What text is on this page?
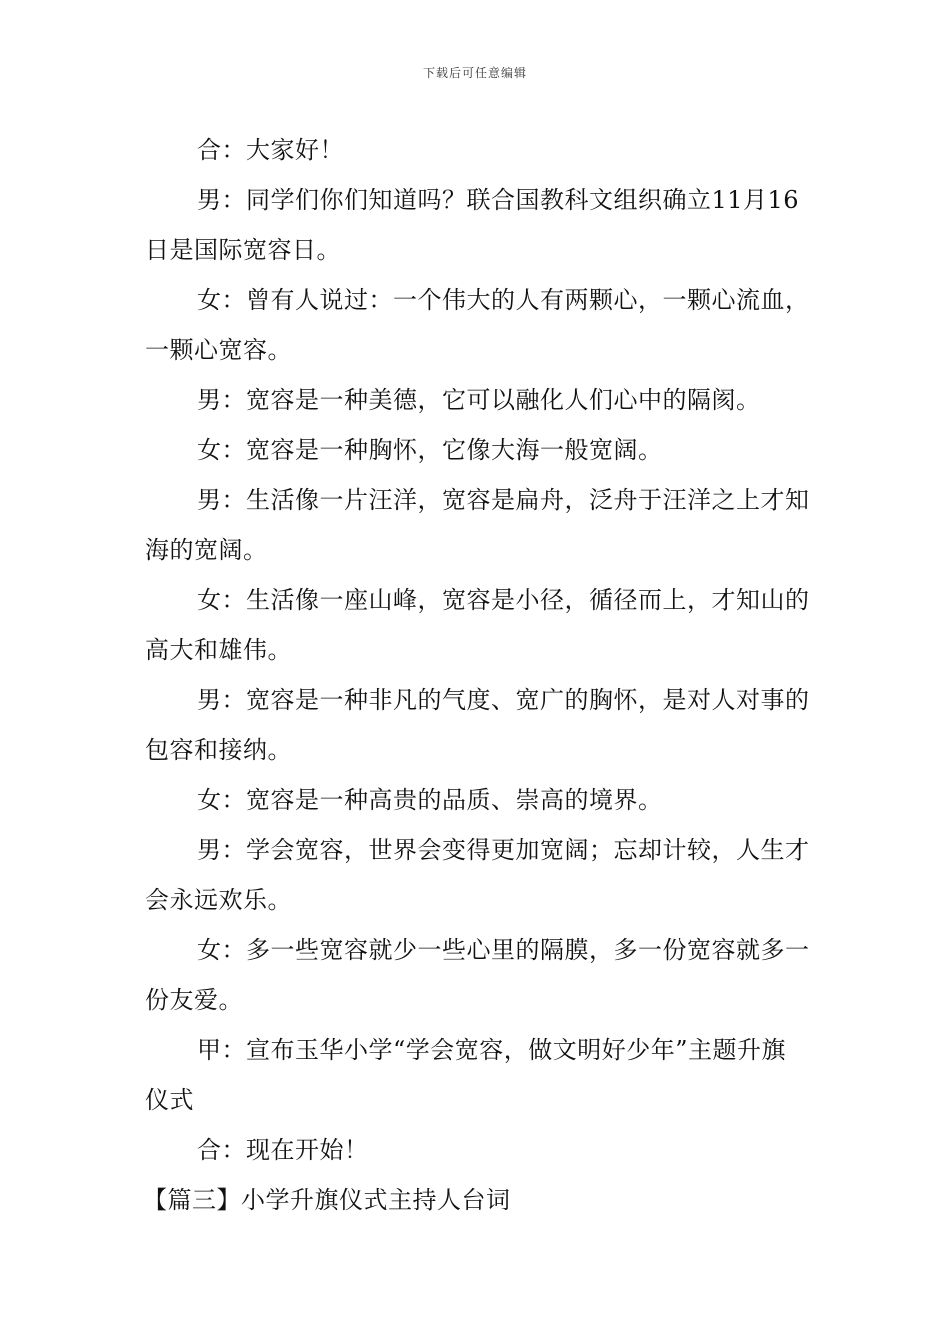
下载后可任意编辑

合：大家好！

男：同学们你们知道吗？联合国教科文组织确立11月16日是国际宽容日。

女：曾有人说过：一个伟大的人有两颗心，一颗心流血，一颗心宽容。

男：宽容是一种美德，它可以融化人们心中的隔阂。

女：宽容是一种胸怀，它像大海一般宽阔。

男：生活像一片汪洋，宽容是扁舟，泛舟于汪洋之上才知海的宽阔。

女：生活像一座山峰，宽容是小径，循径而上，才知山的高大和雄伟。

男：宽容是一种非凡的气度、宽广的胸怀，是对人对事的包容和接纳。

女：宽容是一种高贵的品质、崇高的境界。

男：学会宽容，世界会变得更加宽阔；忘却计较，人生才会永远欢乐。

女：多一些宽容就少一些心里的隔膜，多一份宽容就多一份友爱。

甲：宣布玉华小学“学会宽容，做文明好少年”主题升旗仪式

合：现在开始！

【篇三】小学升旗仪式主持人台词
